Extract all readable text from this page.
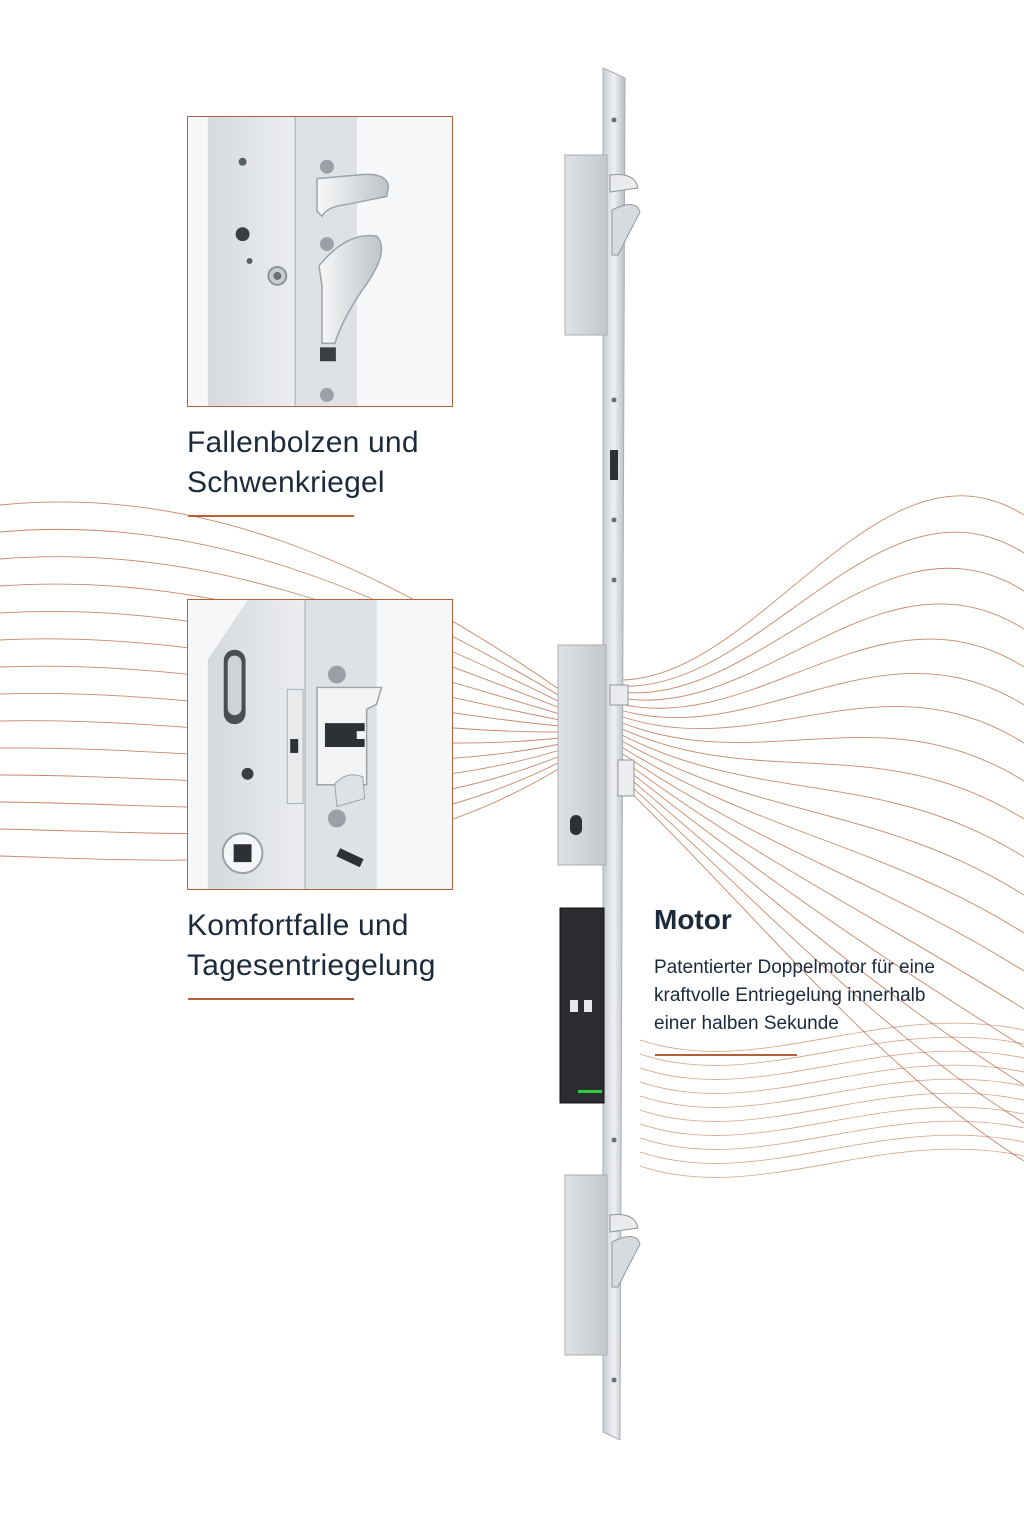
Fallenbolzen und
Schwenkriegel
Komfortfalle und
Tagesentriegelung
Motor
Patentierter Doppelmotor für eine
kraftvolle Entriegelung innerhalb
einer halben Sekunde
